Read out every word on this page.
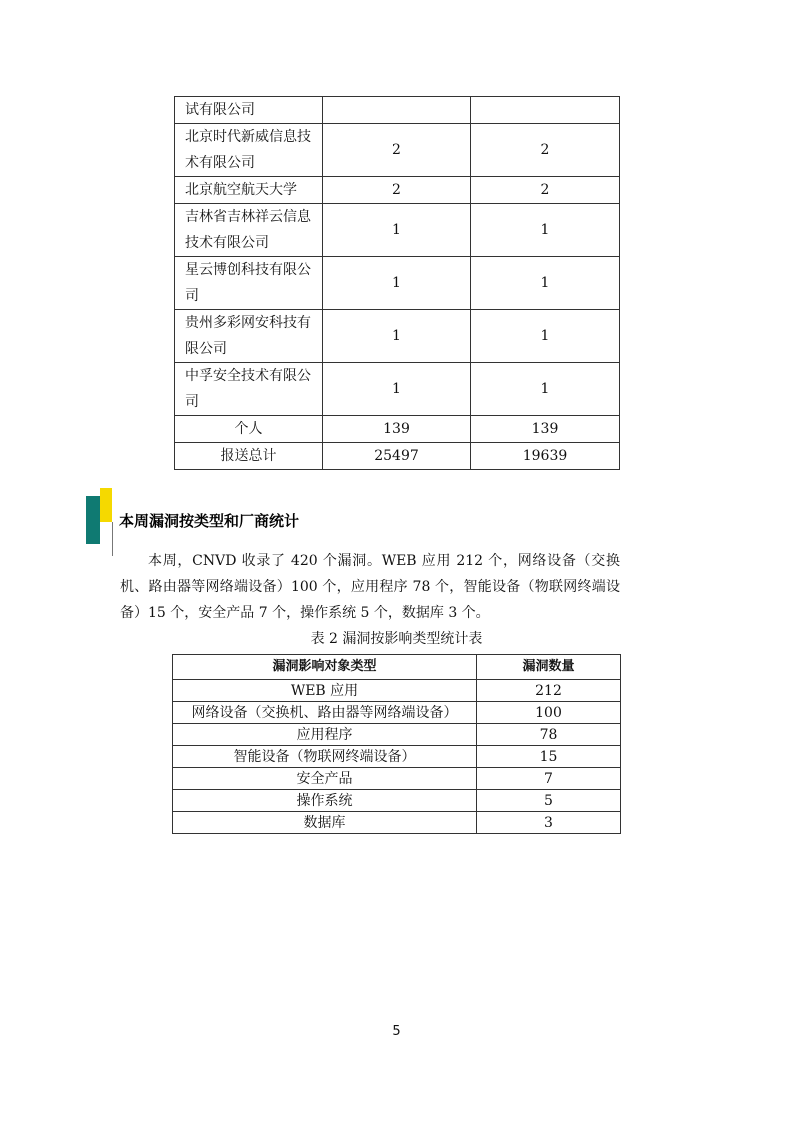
试有限公司		
北京时代新威信息技术有限公司	2	2
北京航空航天大学	2	2
吉林省吉林祥云信息技术有限公司	1	1
星云博创科技有限公司	1	1
贵州多彩网安科技有限公司	1	1
中孚安全技术有限公司	1	1
个人	139	139
报送总计	25497	19639
本周漏洞按类型和厂商统计

本周，CNVD 收录了 420 个漏洞。WEB 应用 212 个，网络设备（交换机、路由器等网络端设备）100 个，应用程序 78 个，智能设备（物联网终端设备）15 个，安全产品 7 个，操作系统 5 个，数据库 3 个。

表 2 漏洞按影响类型统计表
漏洞影响对象类型	漏洞数量
WEB 应用	212
网络设备（交换机、路由器等网络端设备）	100
应用程序	78
智能设备（物联网终端设备）	15
安全产品	7
操作系统	5
数据库	3
5
